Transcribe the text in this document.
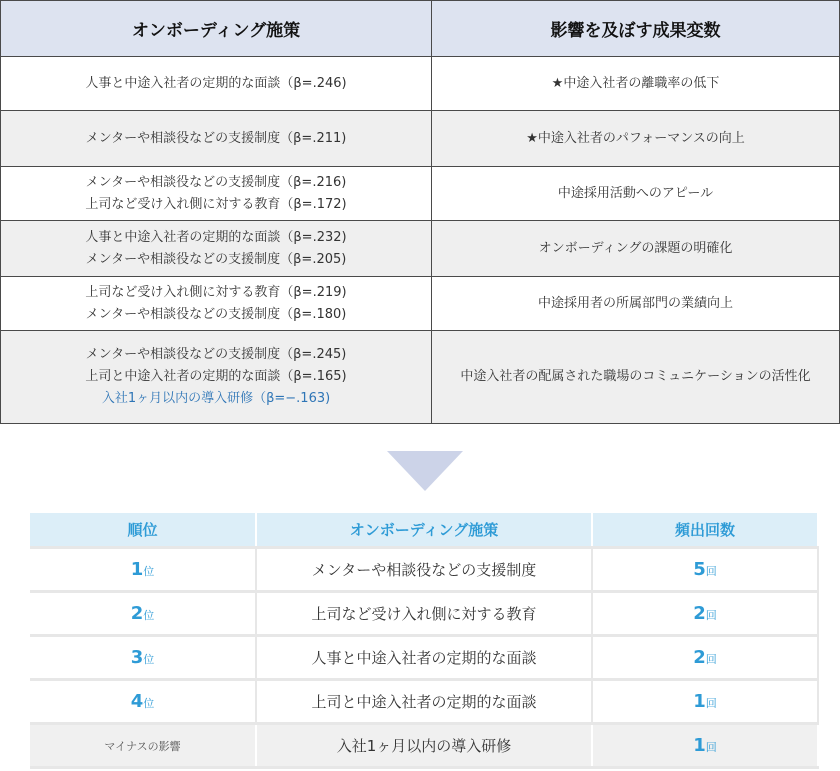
オンボーディング施策	影響を及ぼす成果変数

人事と中途入社者の定期的な面談（β=.246)	★中途入社者の離職率の低下

メンターや相談役などの支援制度（β=.211)	★中途入社者のパフォーマンスの向上

メンターや相談役などの支援制度（β=.216)
上司など受け入れ側に対する教育（β=.172)	中途採用活動へのアピール

人事と中途入社者の定期的な面談（β=.232)
メンターや相談役などの支援制度（β=.205)	オンボーディングの課題の明確化

上司など受け入れ側に対する教育（β=.219)
メンターや相談役などの支援制度（β=.180)	中途採用者の所属部門の業績向上

メンターや相談役などの支援制度（β=.245)
上司と中途入社者の定期的な面談（β=.165)
入社1ヶ月以内の導入研修（β=−.163)	中途入社者の配属された職場のコミュニケーションの活性化
順位	オンボーディング施策	頻出回数
1位	メンターや相談役などの支援制度	5回
2位	上司など受け入れ側に対する教育	2回
3位	人事と中途入社者の定期的な面談	2回
4位	上司と中途入社者の定期的な面談	1回
マイナスの影響	入社1ヶ月以内の導入研修	1回
